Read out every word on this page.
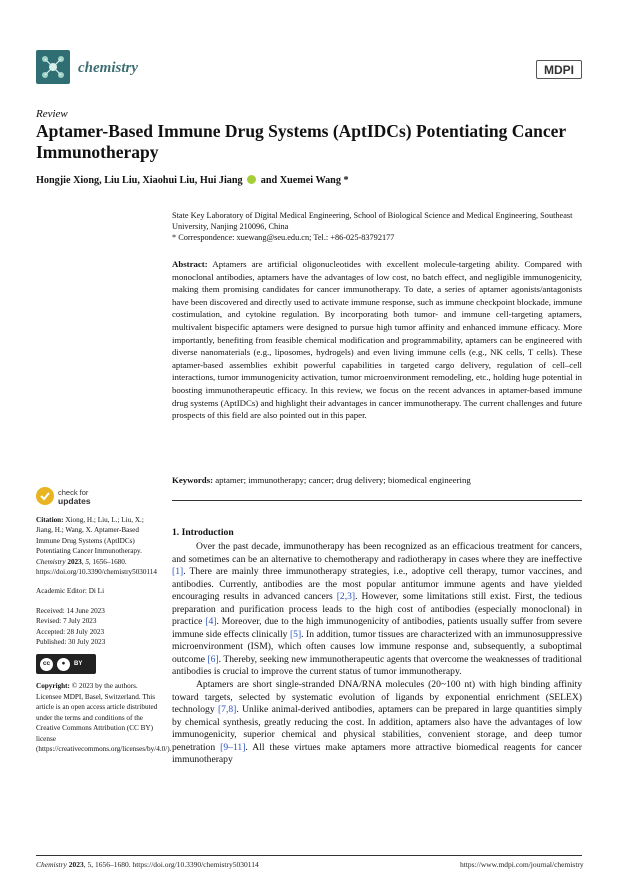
chemistry	MDPI
Review
Aptamer-Based Immune Drug Systems (AptIDCs) Potentiating Cancer Immunotherapy
Hongjie Xiong, Liu Liu, Xiaohui Liu, Hui Jiang and Xuemei Wang *
State Key Laboratory of Digital Medical Engineering, School of Biological Science and Medical Engineering, Southeast University, Nanjing 210096, China
* Correspondence: xuewang@seu.edu.cn; Tel.: +86-025-83792177
Abstract: Aptamers are artificial oligonucleotides with excellent molecule-targeting ability. Compared with monoclonal antibodies, aptamers have the advantages of low cost, no batch effect, and negligible immunogenicity, making them promising candidates for cancer immunotherapy. To date, a series of aptamer agonists/antagonists have been discovered and directly used to activate immune response, such as immune checkpoint blockade, immune costimulation, and cytokine regulation. By incorporating both tumor- and immune cell-targeting aptamers, multivalent bispecific aptamers were designed to pursue high tumor affinity and enhanced immune efficacy. More importantly, benefiting from feasible chemical modification and programmability, aptamers can be engineered with diverse nanomaterials (e.g., liposomes, hydrogels) and even living immune cells (e.g., NK cells, T cells). These aptamer-based assemblies exhibit powerful capabilities in targeted cargo delivery, regulation of cell–cell interactions, tumor immunogenicity activation, tumor microenvironment remodeling, etc., holding huge potential in boosting immunotherapeutic efficacy. In this review, we focus on the recent advances in aptamer-based immune drug systems (AptIDCs) and highlight their advantages in cancer immunotherapy. The current challenges and future prospects of this field are also pointed out in this paper.
Keywords: aptamer; immunotherapy; cancer; drug delivery; biomedical engineering
check for
updates

Citation: Xiong, H.; Liu, L.; Liu, X.; Jiang, H.; Wang, X. Aptamer-Based Immune Drug Systems (AptIDCs) Potentiating Cancer Immunotherapy. Chemistry 2023, 5, 1656–1680. https://doi.org/10.3390/chemistry5030114

Academic Editor: Di Li

Received: 14 June 2023

Revised: 7 July 2023

Accepted: 28 July 2023

Published: 30 July 2023

cc	●	BY

Copyright: © 2023 by the authors. Licensee MDPI, Basel, Switzerland. This article is an open access article distributed under the terms and conditions of the Creative Commons Attribution (CC BY) license (https://creativecommons.org/licenses/by/4.0/).

1. Introduction

Over the past decade, immunotherapy has been recognized as an efficacious treatment for cancers, and sometimes can be an alternative to chemotherapy and radiotherapy in cases where they are ineffective [1]. There are mainly three immunotherapy strategies, i.e., adoptive cell therapy, tumor vaccines, and antibodies. Currently, antibodies are the most popular antitumor immune agents and have yielded encouraging results in advanced cancers [2,3]. However, some limitations still exist. First, the tedious preparation and purification process leads to the high cost of antibodies (especially monoclonal) in practice [4]. Moreover, due to the high immunogenicity of antibodies, patients usually suffer from severe immune side effects clinically [5]. In addition, tumor tissues are characterized with an immunosuppressive microenvironment (ISM), which often causes low immune response and, subsequently, a suboptimal outcome [6]. Thereby, seeking new immunotherapeutic agents that overcome the weaknesses of traditional antibodies is crucial to improve the current status of tumor immunotherapy.

Aptamers are short single-stranded DNA/RNA molecules (20~100 nt) with high binding affinity toward targets, selected by systematic evolution of ligands by exponential enrichment (SELEX) technology [7,8]. Unlike animal-derived antibodies, aptamers can be prepared in large quantities simply by chemical synthesis, greatly reducing the cost. In addition, aptamers also have the advantages of low immunogenicity, superior chemical and physical stabilities, convenient storage, and deep tumor penetration [9–11]. All these virtues make aptamers more attractive biomedical reagents for cancer immunotherapy

Chemistry 2023, 5, 1656–1680. https://doi.org/10.3390/chemistry5030114	https://www.mdpi.com/journal/chemistry
